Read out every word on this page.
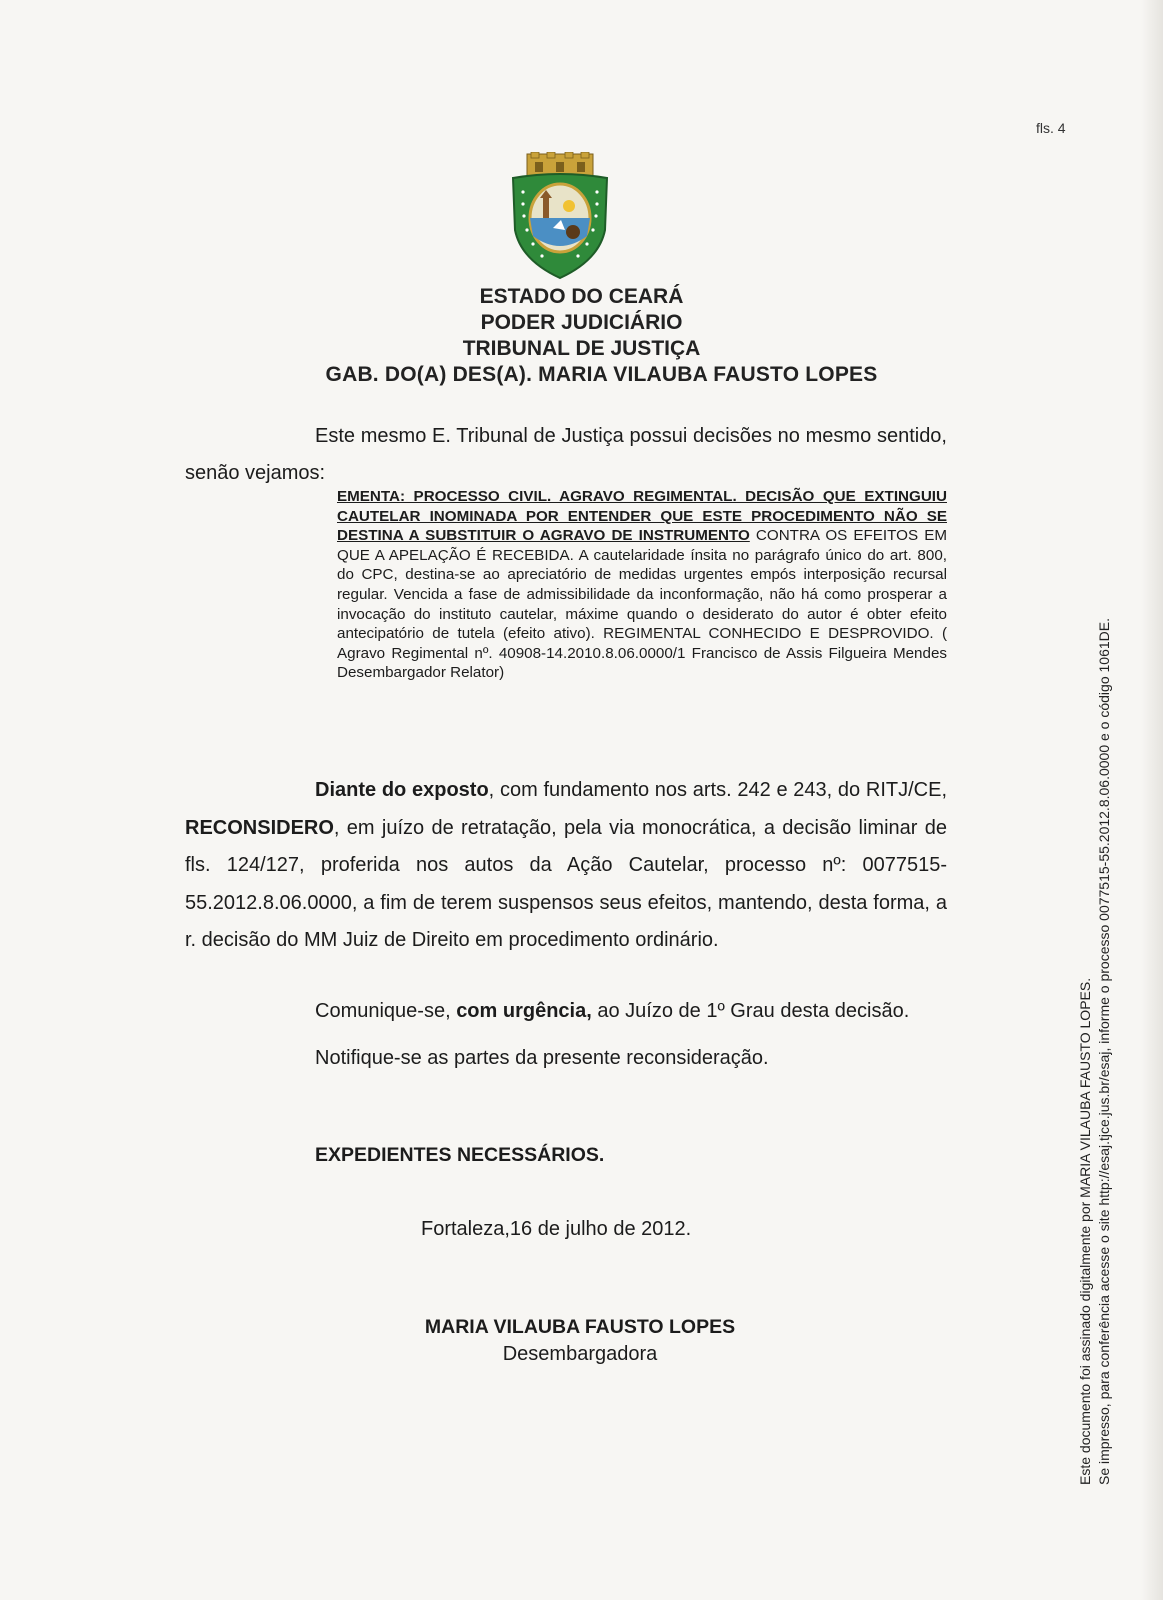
fls. 4
ESTADO DO CEARÁ
PODER JUDICIÁRIO
TRIBUNAL DE JUSTIÇA
GAB. DO(A) DES(A). MARIA VILAUBA FAUSTO LOPES
Este mesmo E. Tribunal de Justiça possui decisões no mesmo sentido, senão vejamos:
EMENTA: PROCESSO CIVIL. AGRAVO REGIMENTAL. DECISÃO QUE EXTINGUIU CAUTELAR INOMINADA POR ENTENDER QUE ESTE PROCEDIMENTO NÃO SE DESTINA A SUBSTITUIR O AGRAVO DE INSTRUMENTO CONTRA OS EFEITOS EM QUE A APELAÇÃO É RECEBIDA. A cautelaridade ínsita no parágrafo único do art. 800, do CPC, destina-se ao apreciatório de medidas urgentes empós interposição recursal regular. Vencida a fase de admissibilidade da inconformação, não há como prosperar a invocação do instituto cautelar, máxime quando o desiderato do autor é obter efeito antecipatório de tutela (efeito ativo). REGIMENTAL CONHECIDO E DESPROVIDO. ( Agravo Regimental nº. 40908-14.2010.8.06.0000/1 Francisco de Assis Filgueira Mendes Desembargador Relator)
Diante do exposto, com fundamento nos arts. 242 e 243, do RITJ/CE, RECONSIDERO, em juízo de retratação, pela via monocrática, a decisão liminar de fls. 124/127, proferida nos autos da Ação Cautelar, processo nº: 0077515-55.2012.8.06.0000, a fim de terem suspensos seus efeitos, mantendo, desta forma, a r. decisão do MM Juiz de Direito em procedimento ordinário.
Comunique-se, com urgência, ao Juízo de 1º Grau desta decisão.
Notifique-se as partes da presente reconsideração.
EXPEDIENTES NECESSÁRIOS.
Fortaleza,16 de julho de 2012.
MARIA VILAUBA FAUSTO LOPES
Desembargadora	Este documento foi assinado digitalmente por MARIA VILAUBA FAUSTO LOPES. Se impresso, para conferência acesse o site http://esaj.tjce.jus.br/esaj, informe o processo 0077515-55.2012.8.06.0000 e o código 1061DE.
